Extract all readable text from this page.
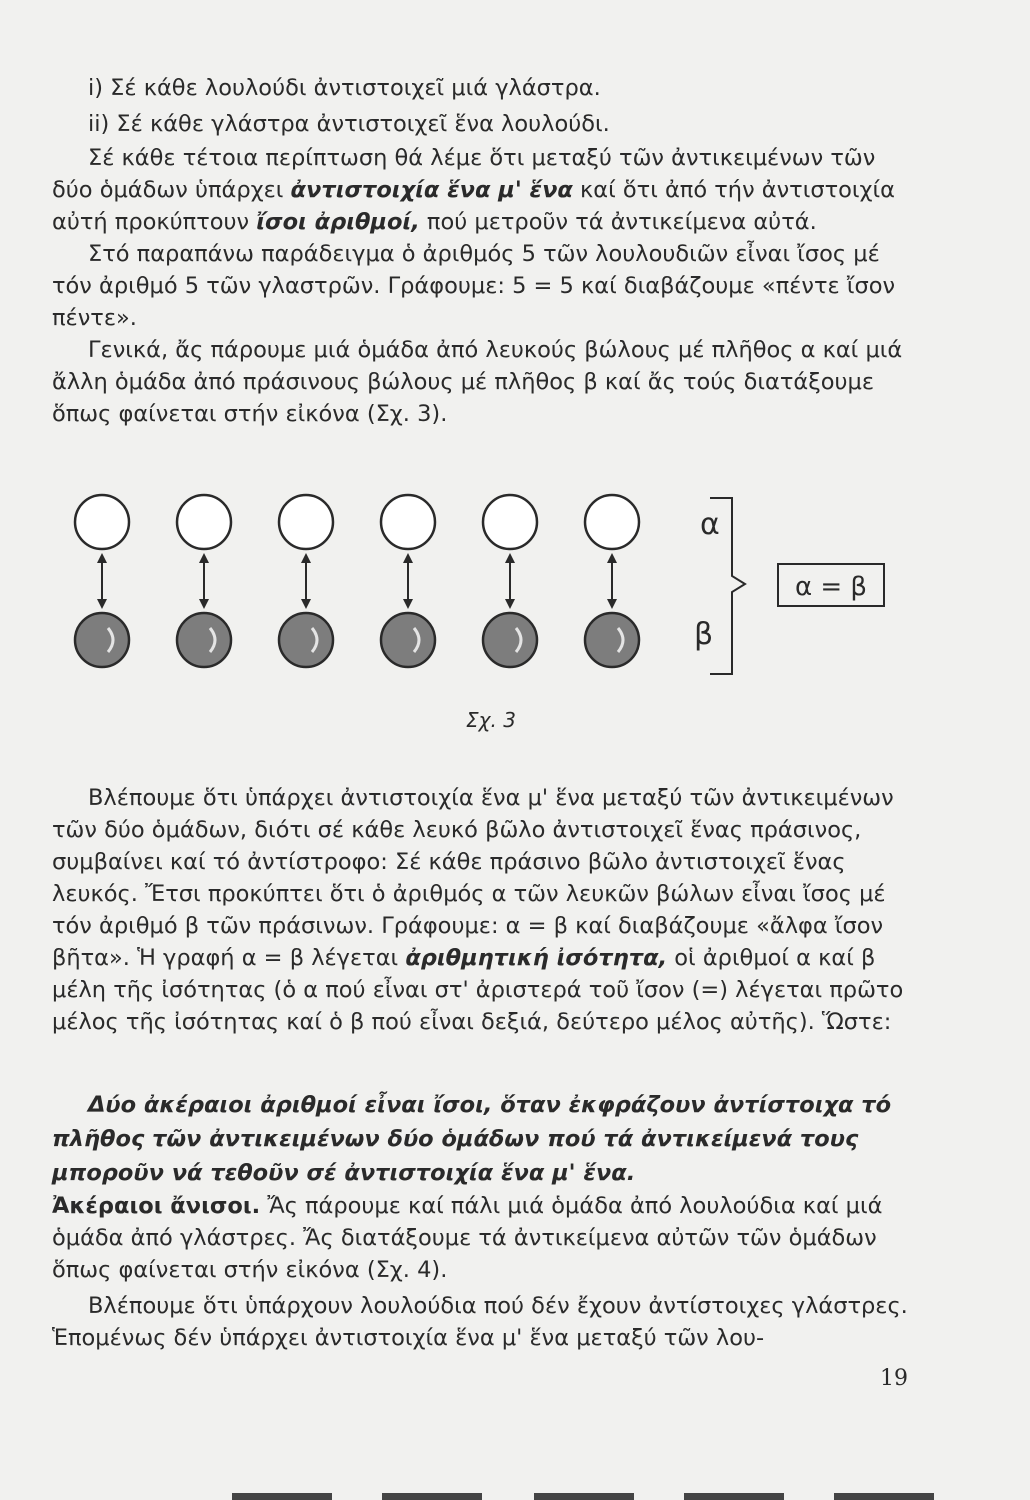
i) Σέ κάθε λουλούδι ἀντιστοιχεῖ μιά γλάστρα.
ii) Σέ κάθε γλάστρα ἀντιστοιχεῖ ἕνα λουλούδι.

Σέ κάθε τέτοια περίπτωση θά λέμε ὅτι μεταξύ τῶν ἀντικειμένων τῶν δύο ὁμάδων ὑπάρχει ἀντιστοιχία ἕνα μ' ἕνα καί ὅτι ἀπό τήν ἀντιστοιχία αὐτή προκύπτουν ἴσοι ἀριθμοί, πού μετροῦν τά ἀντικείμενα αὐτά.

Στό παραπάνω παράδειγμα ὁ ἀριθμός 5 τῶν λουλουδιῶν εἶναι ἴσος μέ τόν ἀριθμό 5 τῶν γλαστρῶν. Γράφουμε: 5 = 5 καί διαβάζουμε «πέντε ἴσον πέντε».

Γενικά, ἄς πάρουμε μιά ὁμάδα ἀπό λευκούς βώλους μέ πλῆθος α καί μιά ἄλλη ὁμάδα ἀπό πράσινους βώλους μέ πλῆθος β καί ἄς τούς διατάξουμε ὅπως φαίνεται στήν εἰκόνα (Σχ. 3).

α
β
α = β
Σχ. 3

Βλέπουμε ὅτι ὑπάρχει ἀντιστοιχία ἕνα μ' ἕνα μεταξύ τῶν ἀντικειμένων τῶν δύο ὁμάδων, διότι σέ κάθε λευκό βῶλο ἀντιστοιχεῖ ἕνας πράσινος, συμβαίνει καί τό ἀντίστροφο: Σέ κάθε πράσινο βῶλο ἀντιστοιχεῖ ἕνας λευκός. Ἔτσι προκύπτει ὅτι ὁ ἀριθμός α τῶν λευκῶν βώλων εἶναι ἴσος μέ τόν ἀριθμό β τῶν πράσινων. Γράφουμε: α = β καί διαβάζουμε «ἄλφα ἴσον βῆτα». Ἡ γραφή α = β λέγεται ἀριθμητική ἰσότητα, οἱ ἀριθμοί α καί β μέλη τῆς ἰσότητας (ὁ α πού εἶναι στ' ἀριστερά τοῦ ἴσον (=) λέγεται πρῶτο μέλος τῆς ἰσότητας καί ὁ β πού εἶναι δεξιά, δεύτερο μέλος αὐτῆς). Ὥστε:

Δύο ἀκέραιοι ἀριθμοί εἶναι ἴσοι, ὅταν ἐκφράζουν ἀντίστοιχα τό πλῆθος τῶν ἀντικειμένων δύο ὁμάδων πού τά ἀντικείμενά τους μποροῦν νά τεθοῦν σέ ἀντιστοιχία ἕνα μ' ἕνα.

Ἀκέραιοι ἄνισοι. Ἄς πάρουμε καί πάλι μιά ὁμάδα ἀπό λουλούδια καί μιά ὁμάδα ἀπό γλάστρες. Ἄς διατάξουμε τά ἀντικείμενα αὐτῶν τῶν ὁμάδων ὅπως φαίνεται στήν εἰκόνα (Σχ. 4).

Βλέπουμε ὅτι ὑπάρχουν λουλούδια πού δέν ἔχουν ἀντίστοιχες γλάστρες. Ἑπομένως δέν ὑπάρχει ἀντιστοιχία ἕνα μ' ἕνα μεταξύ τῶν λου-

19
